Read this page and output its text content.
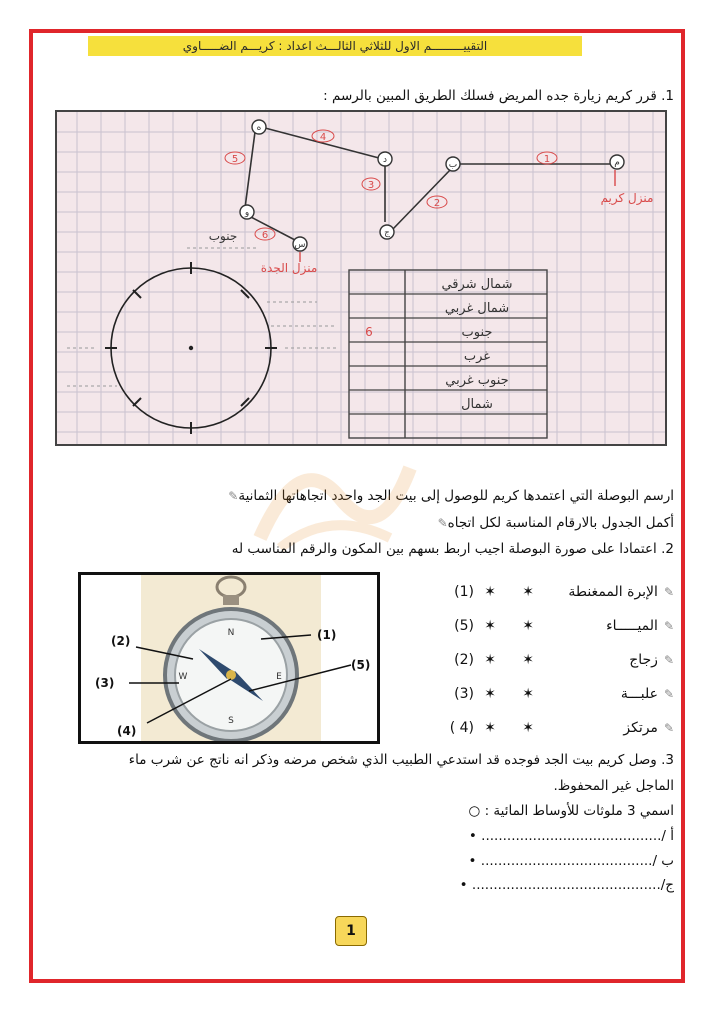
التقييـــــــــم الاول للثلاثي الثالـــث اعداد : كريـــم الضـــــاوي
1. قرر كريم زيارة جده المريض فسلك الطريق المبين بالرسم :
م
ب
ج
د
ه
و
س
1
2
3
4
5
6
منزل كريم
منزل الجدة
جنوب
شمال شرقي
شمال غربي
جنوب
غرب
جنوب غربي
شمال
6
ارسم البوصلة التي اعتمدها كريم للوصول إلى بيت الجد واحدد اتجاهاتها الثمانية✎
أكمل الجدول بالارقام المناسبة لكل اتجاه✎
2. اعتمادا على صورة البوصلة اجيب اربط بسهم بين المكون والرقم المناسب له
N
S
W	E
(2)	(1)
(3)
(4)
(5)
✎الإبرة الممغنطة
✶
✶
(1)
✎الميـــــاء
✶
✶
(5)
✎زجاج
✶
✶
(2)
✎علبـــة
✶
✶
(3)
✎مرتكز
✶
✶
( 4)
3. وصل كريم بيت الجد فوجده قد استدعي الطبيب الذي شخص مرضه وذكر انه ناتج عن شرب ماء
الماجل غير المحفوظ.
اسمي 3 ملوثات للأوساط المائية : ○
أ /.......................................... •
ب /........................................ •
ج/............................................ •
1
